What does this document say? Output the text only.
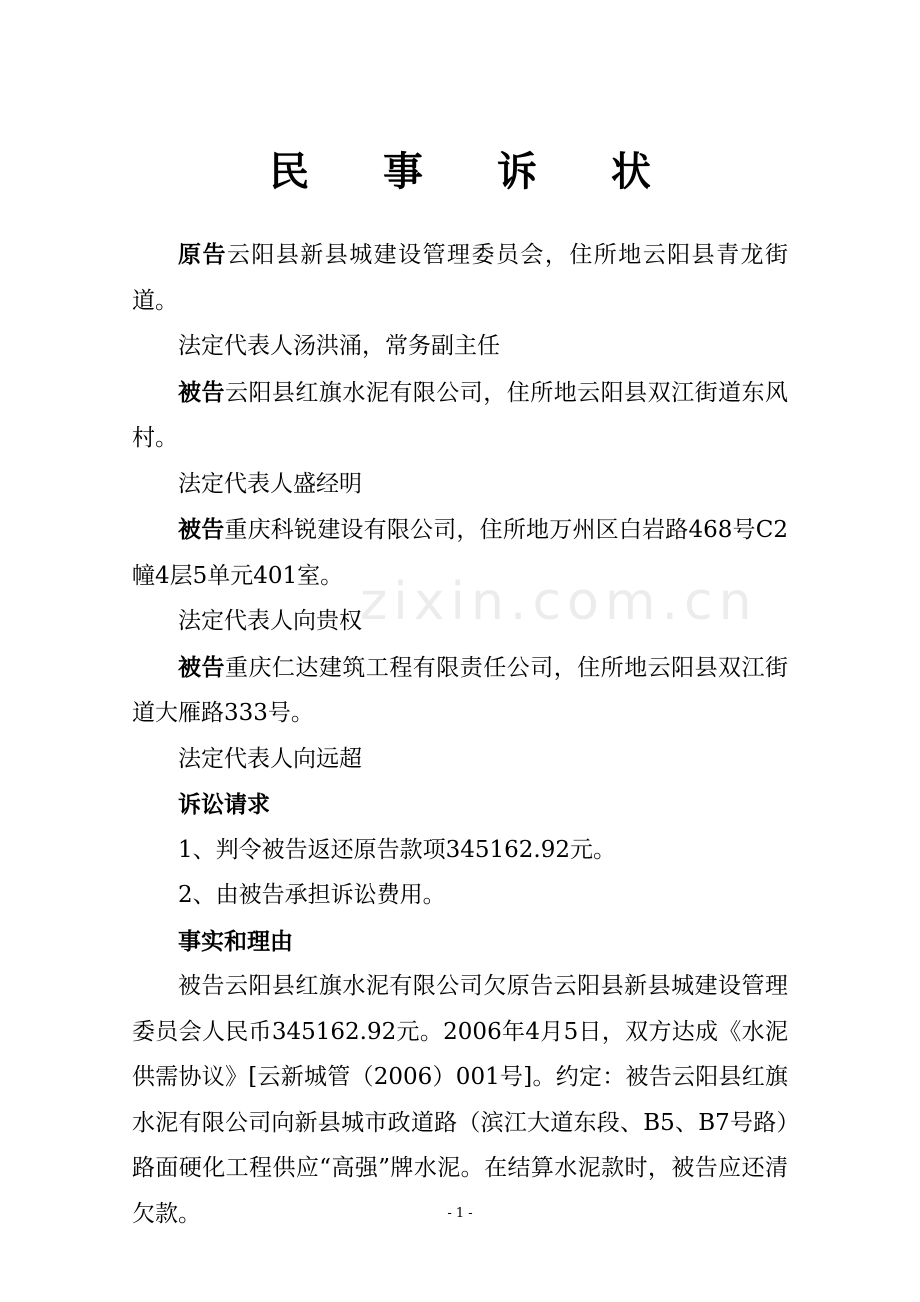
民 事 诉 状
zixin.com.cn

原告云阳县新县城建设管理委员会，住所地云阳县青龙街道。

法定代表人汤洪涌，常务副主任

被告云阳县红旗水泥有限公司，住所地云阳县双江街道东风村。

法定代表人盛经明

被告重庆科锐建设有限公司，住所地万州区白岩路468号C2幢4层5单元401室。

法定代表人向贵权

被告重庆仁达建筑工程有限责任公司，住所地云阳县双江街道大雁路333号。

法定代表人向远超

诉讼请求

1、判令被告返还原告款项345162.92元。

2、由被告承担诉讼费用。

事实和理由

被告云阳县红旗水泥有限公司欠原告云阳县新县城建设管理委员会人民币345162.92元。2006年4月5日，双方达成《水泥供需协议》[云新城管（2006）001号]。约定：被告云阳县红旗水泥有限公司向新县城市政道路（滨江大道东段、B5、B7号路）路面硬化工程供应“高强”牌水泥。在结算水泥款时，被告应还清欠款。	- 1 -
